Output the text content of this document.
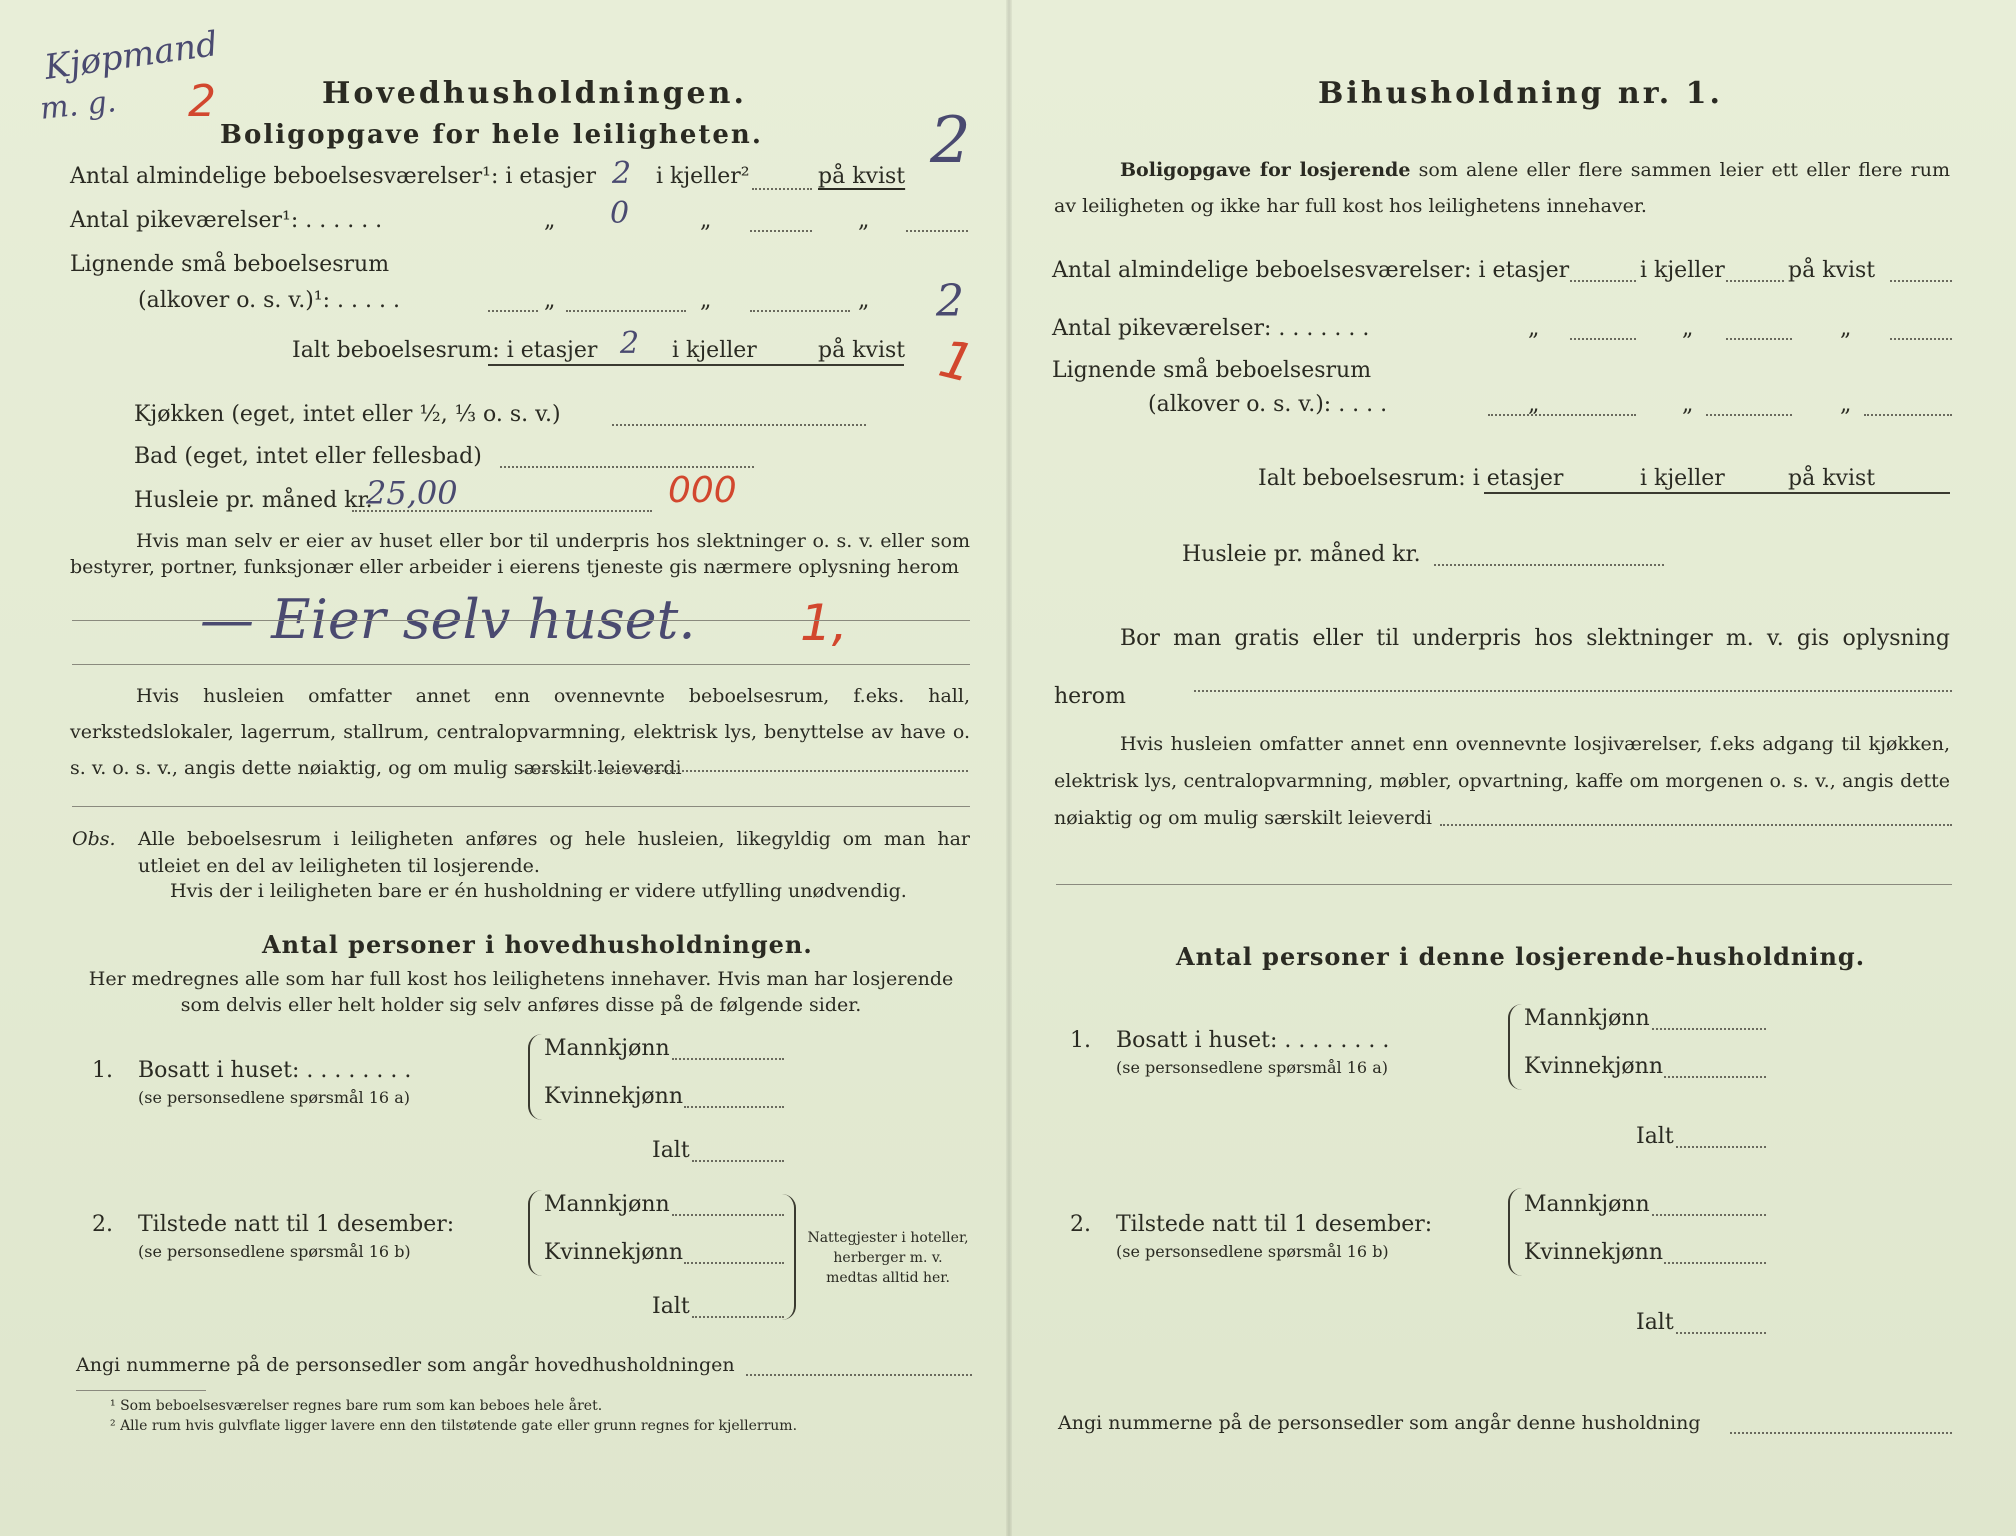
Kjøpmand
m. g. 2	Hovedhusholdningen.
Boligopgave for hele leiligheten.
Antal almindelige beboelsesværelser¹: i etasjer 2 i kjeller²	på kvist 2
Antal pikeværelser¹: . . . . . .	„ 0	„	„
Lignende små beboelsesrum
(alkover o. s. v.)¹: . . . . .	„	„	„ 2
Ialt beboelsesrum: i etasjer 2 i kjeller	på kvist 1
Kjøkken (eget, intet eller ½, ⅓ o. s. v.)
Bad (eget, intet eller fellesbad)
Husleie pr. måned kr.
25,00	000
Hvis man selv er eier av huset eller bor til underpris hos slektninger o. s. v. eller som bestyrer, portner, funksjonær eller arbeider i eierens tjeneste gis nærmere oplysning herom
— Eier selv huset. 1,
Hvis husleien omfatter annet enn ovennevnte beboelsesrum, f.eks. hall, verkstedslokaler, lagerrum, stallrum, centralopvarmning, elektrisk lys, benyttelse av have o. s. v. o. s. v., angis dette nøiaktig, og om mulig særskilt leieverdi
Obs. Alle beboelsesrum i leiligheten anføres og hele husleien, likegyldig om man har utleiet en del av leiligheten til losjerende.
Hvis der i leiligheten bare er én husholdning er videre utfylling unødvendig.
Antal personer i hovedhusholdningen.
Her medregnes alle som har full kost hos leilighetens innehaver. Hvis man har losjerende som delvis eller helt holder sig selv anføres disse på de følgende sider.
1. Bosatt i huset: . . . . . . . .
(se personsedlene spørsmål 16 a)
Mannkjønn
Kvinnekjønn
Ialt
2. Tilstede natt til 1 desember:
(se personsedlene spørsmål 16 b)
Mannkjønn
Kvinnekjønn
Ialt
Nattegjester i hoteller, herberger m. v. medtas alltid her.
Angi nummerne på de personsedler som angår hovedhusholdningen
¹ Som beboelsesværelser regnes bare rum som kan beboes hele året.
² Alle rum hvis gulvflate ligger lavere enn den tilstøtende gate eller grunn regnes for kjellerrum.
Bihusholdning nr. 1.
Boligopgave for losjerende som alene eller flere sammen leier ett eller flere rum av leiligheten og ikke har full kost hos leilighetens innehaver.
Antal almindelige beboelsesværelser: i etasjer	i kjeller	på kvist
Antal pikeværelser: . . . . . . .	„	„	„
Lignende små beboelsesrum
(alkover o. s. v.): . . . .	„	„	„
Ialt beboelsesrum: i etasjer	i kjeller	på kvist
Husleie pr. måned kr.
Bor man gratis eller til underpris hos slektninger m. v. gis oplysning herom
Hvis husleien omfatter annet enn ovennevnte losjiværelser, f.eks adgang til kjøkken, elektrisk lys, centralopvarmning, møbler, opvartning, kaffe om morgenen o. s. v., angis dette nøiaktig og om mulig særskilt leieverdi
Antal personer i denne losjerende-husholdning.
1. Bosatt i huset: . . . . . . . .
(se personsedlene spørsmål 16 a)
Mannkjønn
Kvinnekjønn
Ialt
2. Tilstede natt til 1 desember:
(se personsedlene spørsmål 16 b)
Mannkjønn
Kvinnekjønn
Ialt
Angi nummerne på de personsedler som angår denne husholdning
